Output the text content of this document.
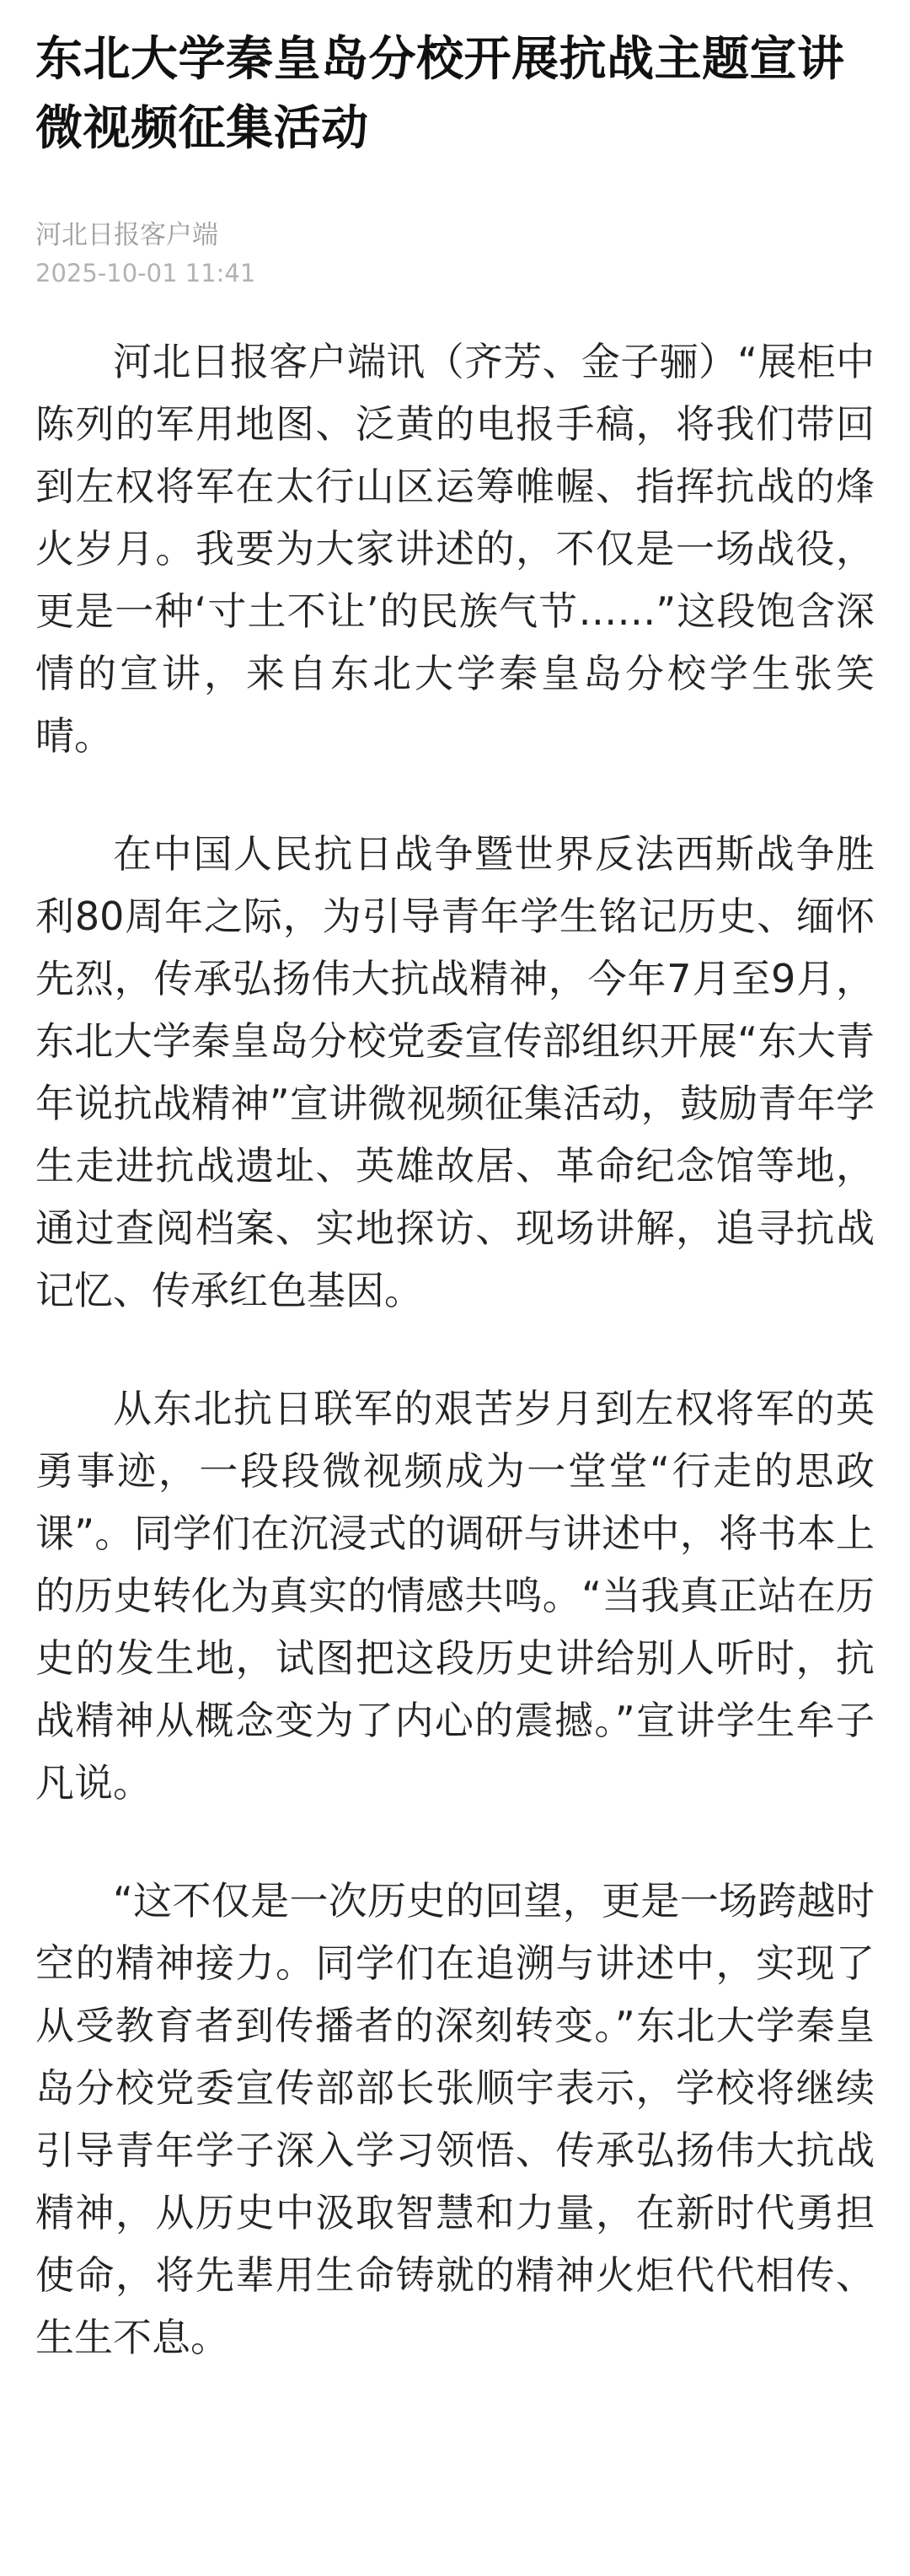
东北大学秦皇岛分校开展抗战主题宣讲微视频征集活动
河北日报客户端
2025-10-01 11:41

河北日报客户端讯（齐芳、金子骊）“展柜中陈列的军用地图、泛黄的电报手稿，将我们带回到左权将军在太行山区运筹帷幄、指挥抗战的烽火岁月。我要为大家讲述的，不仅是一场战役，更是一种‘寸土不让’的民族气节……”这段饱含深情的宣讲，来自东北大学秦皇岛分校学生张笑晴。

在中国人民抗日战争暨世界反法西斯战争胜利80周年之际，为引导青年学生铭记历史、缅怀先烈，传承弘扬伟大抗战精神，今年7月至9月，东北大学秦皇岛分校党委宣传部组织开展“东大青年说抗战精神”宣讲微视频征集活动，鼓励青年学生走进抗战遗址、英雄故居、革命纪念馆等地，通过查阅档案、实地探访、现场讲解，追寻抗战记忆、传承红色基因。

从东北抗日联军的艰苦岁月到左权将军的英勇事迹，一段段微视频成为一堂堂“行走的思政课”。同学们在沉浸式的调研与讲述中，将书本上的历史转化为真实的情感共鸣。“当我真正站在历史的发生地，试图把这段历史讲给别人听时，抗战精神从概念变为了内心的震撼。”宣讲学生牟子凡说。

“这不仅是一次历史的回望，更是一场跨越时空的精神接力。同学们在追溯与讲述中，实现了从受教育者到传播者的深刻转变。”东北大学秦皇岛分校党委宣传部部长张顺宇表示，学校将继续引导青年学子深入学习领悟、传承弘扬伟大抗战精神，从历史中汲取智慧和力量，在新时代勇担使命，将先辈用生命铸就的精神火炬代代相传、生生不息。
